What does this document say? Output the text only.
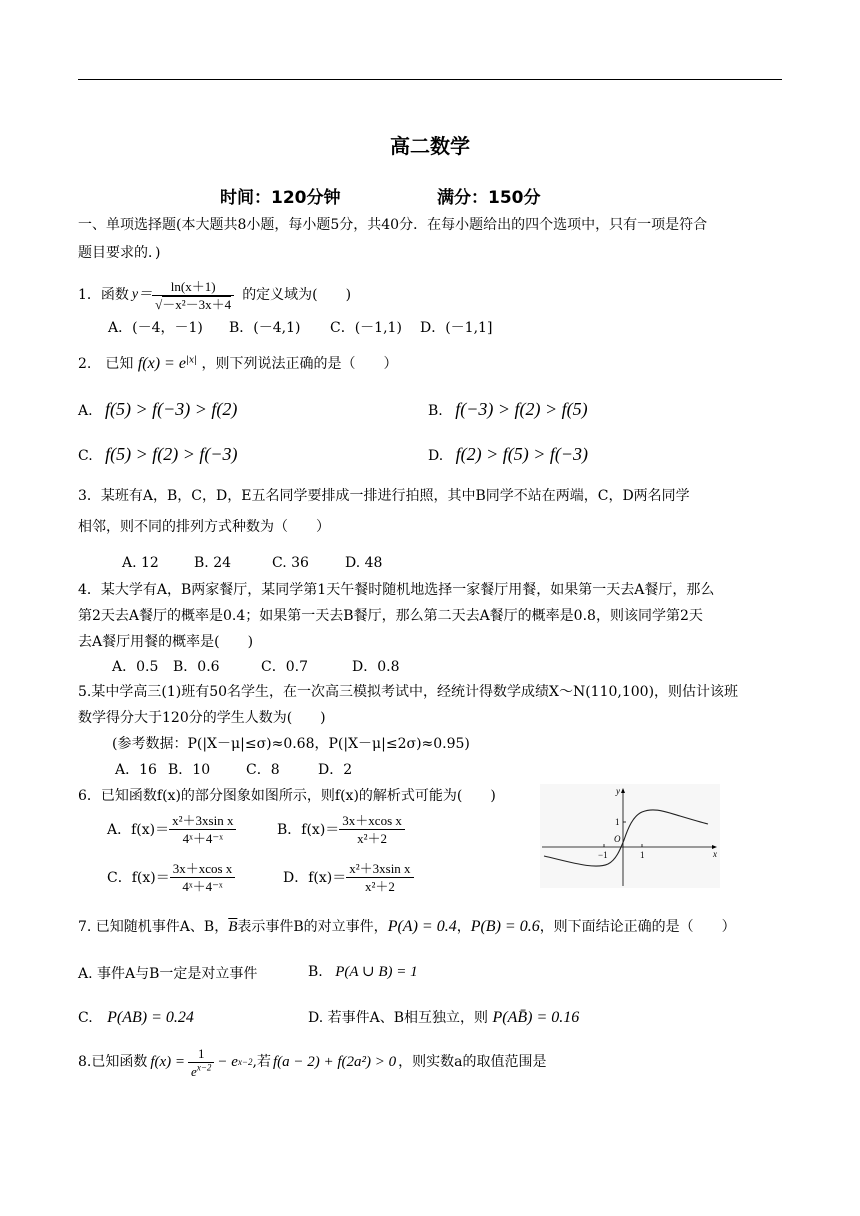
高二数学
时间：120分钟	满分：150分
一、单项选择题(本大题共8小题，每小题5分，共40分．在每小题给出的四个选项中，只有一项是符合
题目要求的．)
1．函数 $y= \frac{\ln(x+1)}{\text{√－x²－3x＋4}}$ 的定义域为(　　)
A．(－4，－1) B．(－4,1) C．(－1,1) D．(－1,1]
2.　已知 $f(x) = e^{|x|}$ ，则下列说法正确的是（　　）
A. f(5) > f(−3) > f(2)	B. f(−3) > f(2) > f(5)
C. f(5) > f(2) > f(−3)	D. f(2) > f(5) > f(−3)
3．某班有A，B，C，D，E五名同学要排成一排进行拍照，其中B同学不站在两端，C，D两名同学
相邻，则不同的排列方式种数为（　　）
A. 12	B. 24	C. 36	D. 48
4．某大学有A，B两家餐厅，某同学第1天午餐时随机地选择一家餐厅用餐，如果第一天去A餐厅，那么
第2天去A餐厅的概率是0.4；如果第一天去B餐厅，那么第二天去A餐厅的概率是0.8，则该同学第2天
去A餐厅用餐的概率是(　　)
A．0.5 B．0.6	C．0.7	D．0.8
5.某中学高三(1)班有50名学生，在一次高三模拟考试中，经统计得数学成绩X～N(110,100)，则估计该班
数学得分大于120分的学生人数为(　　)
(参考数据：P(|X－μ|≤σ)≈0.68，P(|X－μ|≤2σ)≈0.95)
A．16 B．10	C．8	D．2
6．已知函数f(x)的部分图象如图所示，则f(x)的解析式可能为(　　)
A．$f(x)= \frac{\text{x²＋3xsin x}}{\text{4ˣ＋4⁻ˣ}}$	B．$f(x)= \frac{\text{3x＋xcos x}}{\text{x²＋2}}$
C．$f(x)= \frac{\text{3x＋xcos x}}{\text{4ˣ＋4⁻ˣ}}$	D．$f(x)= \frac{\text{x²＋3xsin x}}{\text{x²＋2}}$
y
x
O
1
−1	1
7. 已知随机事件A、B，$\overline{B}$表示事件B的对立事件，P(A) = 0.4，P(B) = 0.6，则下面结论正确的是（　　）
A. 事件A与B一定是对立事件	B. P(A ∪ B) = 1
C. P(AB) = 0.24	D. 若事件A、B相互独立，则 P(AB̄) = 0.16
8.已知函数 $f(x) = \frac{1}{e^{x-2}} - e$ x−2 ,若 f(a − 2) + f(2a²) > 0 ，则实数a的取值范围是
